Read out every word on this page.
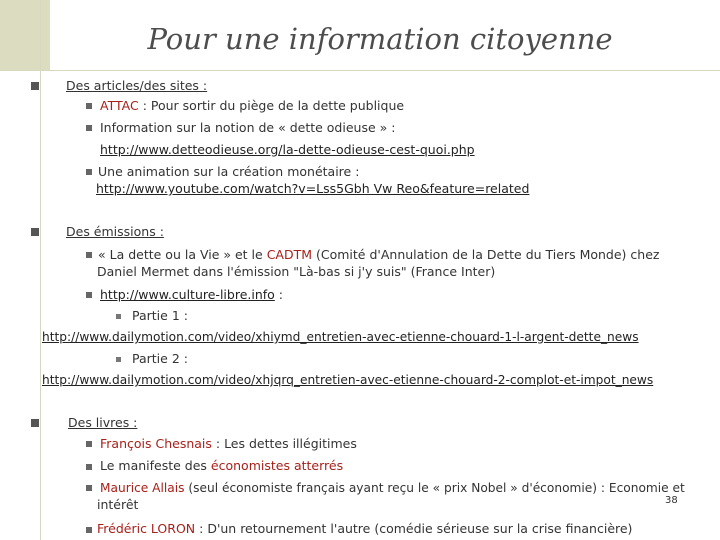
Pour une information citoyenne
Des articles/des sites :
ATTAC : Pour sortir du piège de la dette publique
Information sur la notion de « dette odieuse » :
http://www.detteodieuse.org/la-dette-odieuse-cest-quoi.php
Une animation sur la création monétaire :
http://www.youtube.com/watch?v=Lss5Gbh Vw Reo&feature=related
Des émissions :
« La dette ou la Vie » et le CADTM (Comité d'Annulation de la Dette du Tiers Monde) chez
Daniel Mermet dans l'émission "Là-bas si j'y suis" (France Inter)
http://www.culture-libre.info :
Partie 1 :
http://www.dailymotion.com/video/xhiymd_entretien-avec-etienne-chouard-1-l-argent-dette_news
Partie 2 :
http://www.dailymotion.com/video/xhjqrq_entretien-avec-etienne-chouard-2-complot-et-impot_news
Des livres :
François Chesnais : Les dettes illégitimes
Le manifeste des économistes atterrés
Maurice Allais (seul économiste français ayant reçu le « prix Nobel » d'économie) : Economie et
intérêt	38
Frédéric LORON : D'un retournement l'autre (comédie sérieuse sur la crise financière)
